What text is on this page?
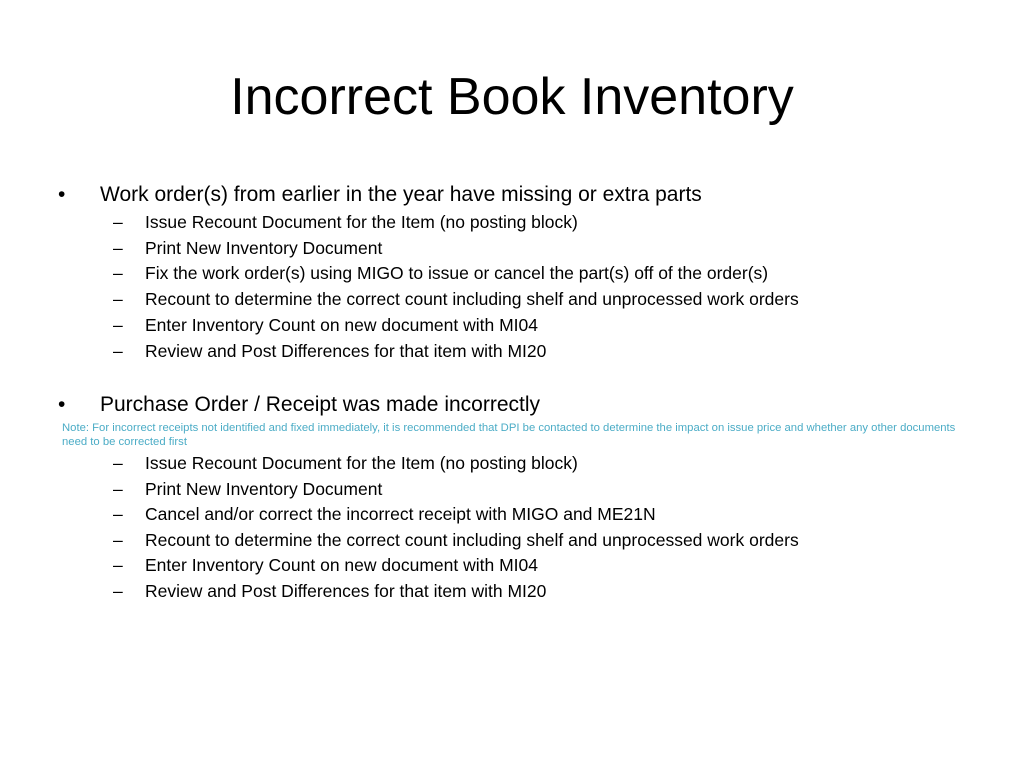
Incorrect Book Inventory
• Work order(s) from earlier in the year have missing or extra parts
– Issue Recount Document for the Item (no posting block)
– Print New Inventory Document
– Fix the work order(s) using MIGO to issue or cancel the part(s) off of the order(s)
– Recount to determine the correct count including shelf and unprocessed work orders
– Enter Inventory Count on new document with MI04
– Review and Post Differences for that item with MI20
• Purchase Order / Receipt was made incorrectly
Note: For incorrect receipts not identified and fixed immediately, it is recommended that DPI be contacted to determine the impact on issue price and whether any other documents need to be corrected first
– Issue Recount Document for the Item (no posting block)
– Print New Inventory Document
– Cancel and/or correct the incorrect receipt with MIGO and ME21N
– Recount to determine the correct count including shelf and unprocessed work orders
– Enter Inventory Count on new document with MI04
– Review and Post Differences for that item with MI20
